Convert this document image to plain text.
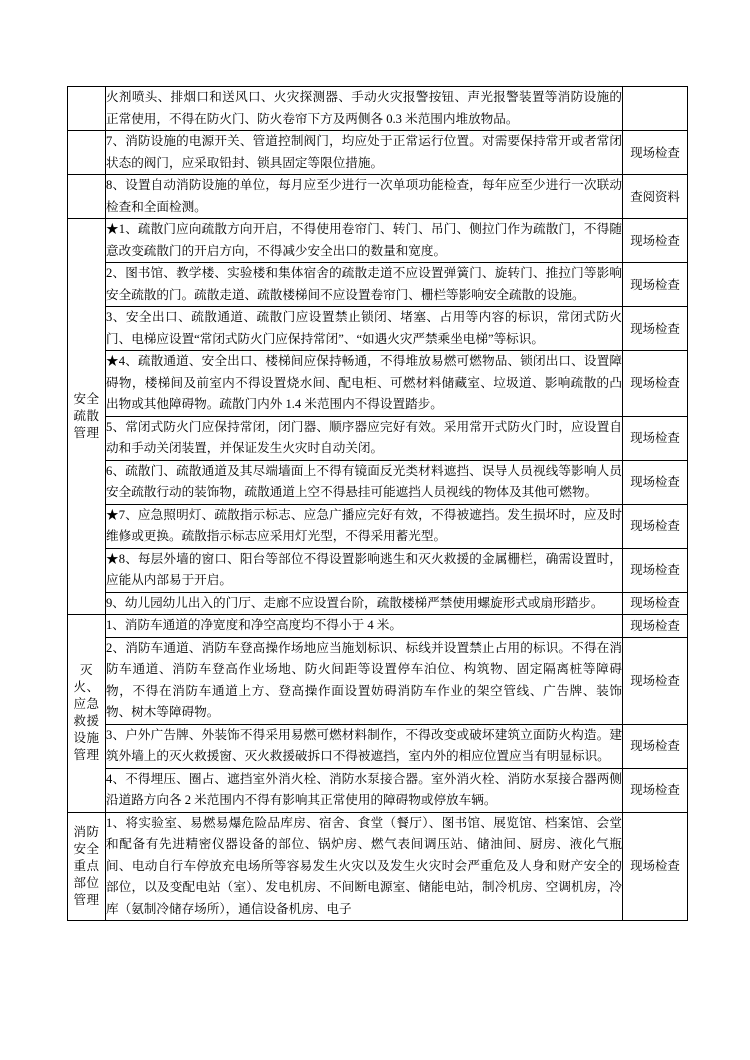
	火剂喷头、排烟口和送风口、火灾探测器、手动火灾报警按钮、声光报警装置等消防设施的正常使用，不得在防火门、防火卷帘下方及两侧各 0.3 米范围内堆放物品。	
	7、消防设施的电源开关、管道控制阀门，均应处于正常运行位置。对需要保持常开或者常闭状态的阀门，应采取铅封、锁具固定等限位措施。	现场检查
	8、设置自动消防设施的单位，每月应至少进行一次单项功能检查，每年应至少进行一次联动检查和全面检测。	查阅资料

安全疏散管理	★1、疏散门应向疏散方向开启，不得使用卷帘门、转门、吊门、侧拉门作为疏散门，不得随意改变疏散门的开启方向，不得减少安全出口的数量和宽度。	现场检查
	2、图书馆、教学楼、实验楼和集体宿舍的疏散走道不应设置弹簧门、旋转门、推拉门等影响安全疏散的门。疏散走道、疏散楼梯间不应设置卷帘门、栅栏等影响安全疏散的设施。	现场检查
	3、安全出口、疏散通道、疏散门应设置禁止锁闭、堵塞、占用等内容的标识，常闭式防火门、电梯应设置“常闭式防火门应保持常闭”、“如遇火灾严禁乘坐电梯”等标识。	现场检查
	★4、疏散通道、安全出口、楼梯间应保持畅通，不得堆放易燃可燃物品、锁闭出口、设置障碍物，楼梯间及前室内不得设置烧水间、配电柜、可燃材料储藏室、垃圾道、影响疏散的凸出物或其他障碍物。疏散门内外 1.4 米范围内不得设置踏步。	现场检查
	5、常闭式防火门应保持常闭，闭门器、顺序器应完好有效。采用常开式防火门时，应设置自动和手动关闭装置，并保证发生火灾时自动关闭。	现场检查
	6、疏散门、疏散通道及其尽端墙面上不得有镜面反光类材料遮挡、误导人员视线等影响人员安全疏散行动的装饰物，疏散通道上空不得悬挂可能遮挡人员视线的物体及其他可燃物。	现场检查
	★7、应急照明灯、疏散指示标志、应急广播应完好有效，不得被遮挡。发生损坏时，应及时维修或更换。疏散指示标志应采用灯光型，不得采用蓄光型。	现场检查
	★8、每层外墙的窗口、阳台等部位不得设置影响逃生和灭火救援的金属栅栏，确需设置时，应能从内部易于开启。	现场检查
	9、幼儿园幼儿出入的门厅、走廊不应设置台阶，疏散楼梯严禁使用螺旋形式或扇形踏步。	现场检查

灭火、应急救援设施管理	1、消防车通道的净宽度和净空高度均不得小于 4 米。	现场检查
	2、消防车通道、消防车登高操作场地应当施划标识、标线并设置禁止占用的标识。不得在消防车通道、消防车登高作业场地、防火间距等设置停车泊位、构筑物、固定隔离桩等障碍物，不得在消防车通道上方、登高操作面设置妨碍消防车作业的架空管线、广告牌、装饰物、树木等障碍物。	现场检查
	3、户外广告牌、外装饰不得采用易燃可燃材料制作，不得改变或破坏建筑立面防火构造。建筑外墙上的灭火救援窗、灭火救援破拆口不得被遮挡，室内外的相应位置应当有明显标识。	现场检查
	4、不得埋压、圈占、遮挡室外消火栓、消防水泵接合器。室外消火栓、消防水泵接合器两侧沿道路方向各 2 米范围内不得有影响其正常使用的障碍物或停放车辆。	现场检查

消防安全重点部位管理	1、将实验室、易燃易爆危险品库房、宿舍、食堂（餐厅）、图书馆、展览馆、档案馆、会堂和配备有先进精密仪器设备的部位、锅炉房、燃气表间调压站、储油间、厨房、液化气瓶间、电动自行车停放充电场所等容易发生火灾以及发生火灾时会严重危及人身和财产安全的部位，以及变配电站（室）、发电机房、不间断电源室、储能电站，制冷机房、空调机房，冷库（氨制冷储存场所），通信设备机房、电子	现场检查
